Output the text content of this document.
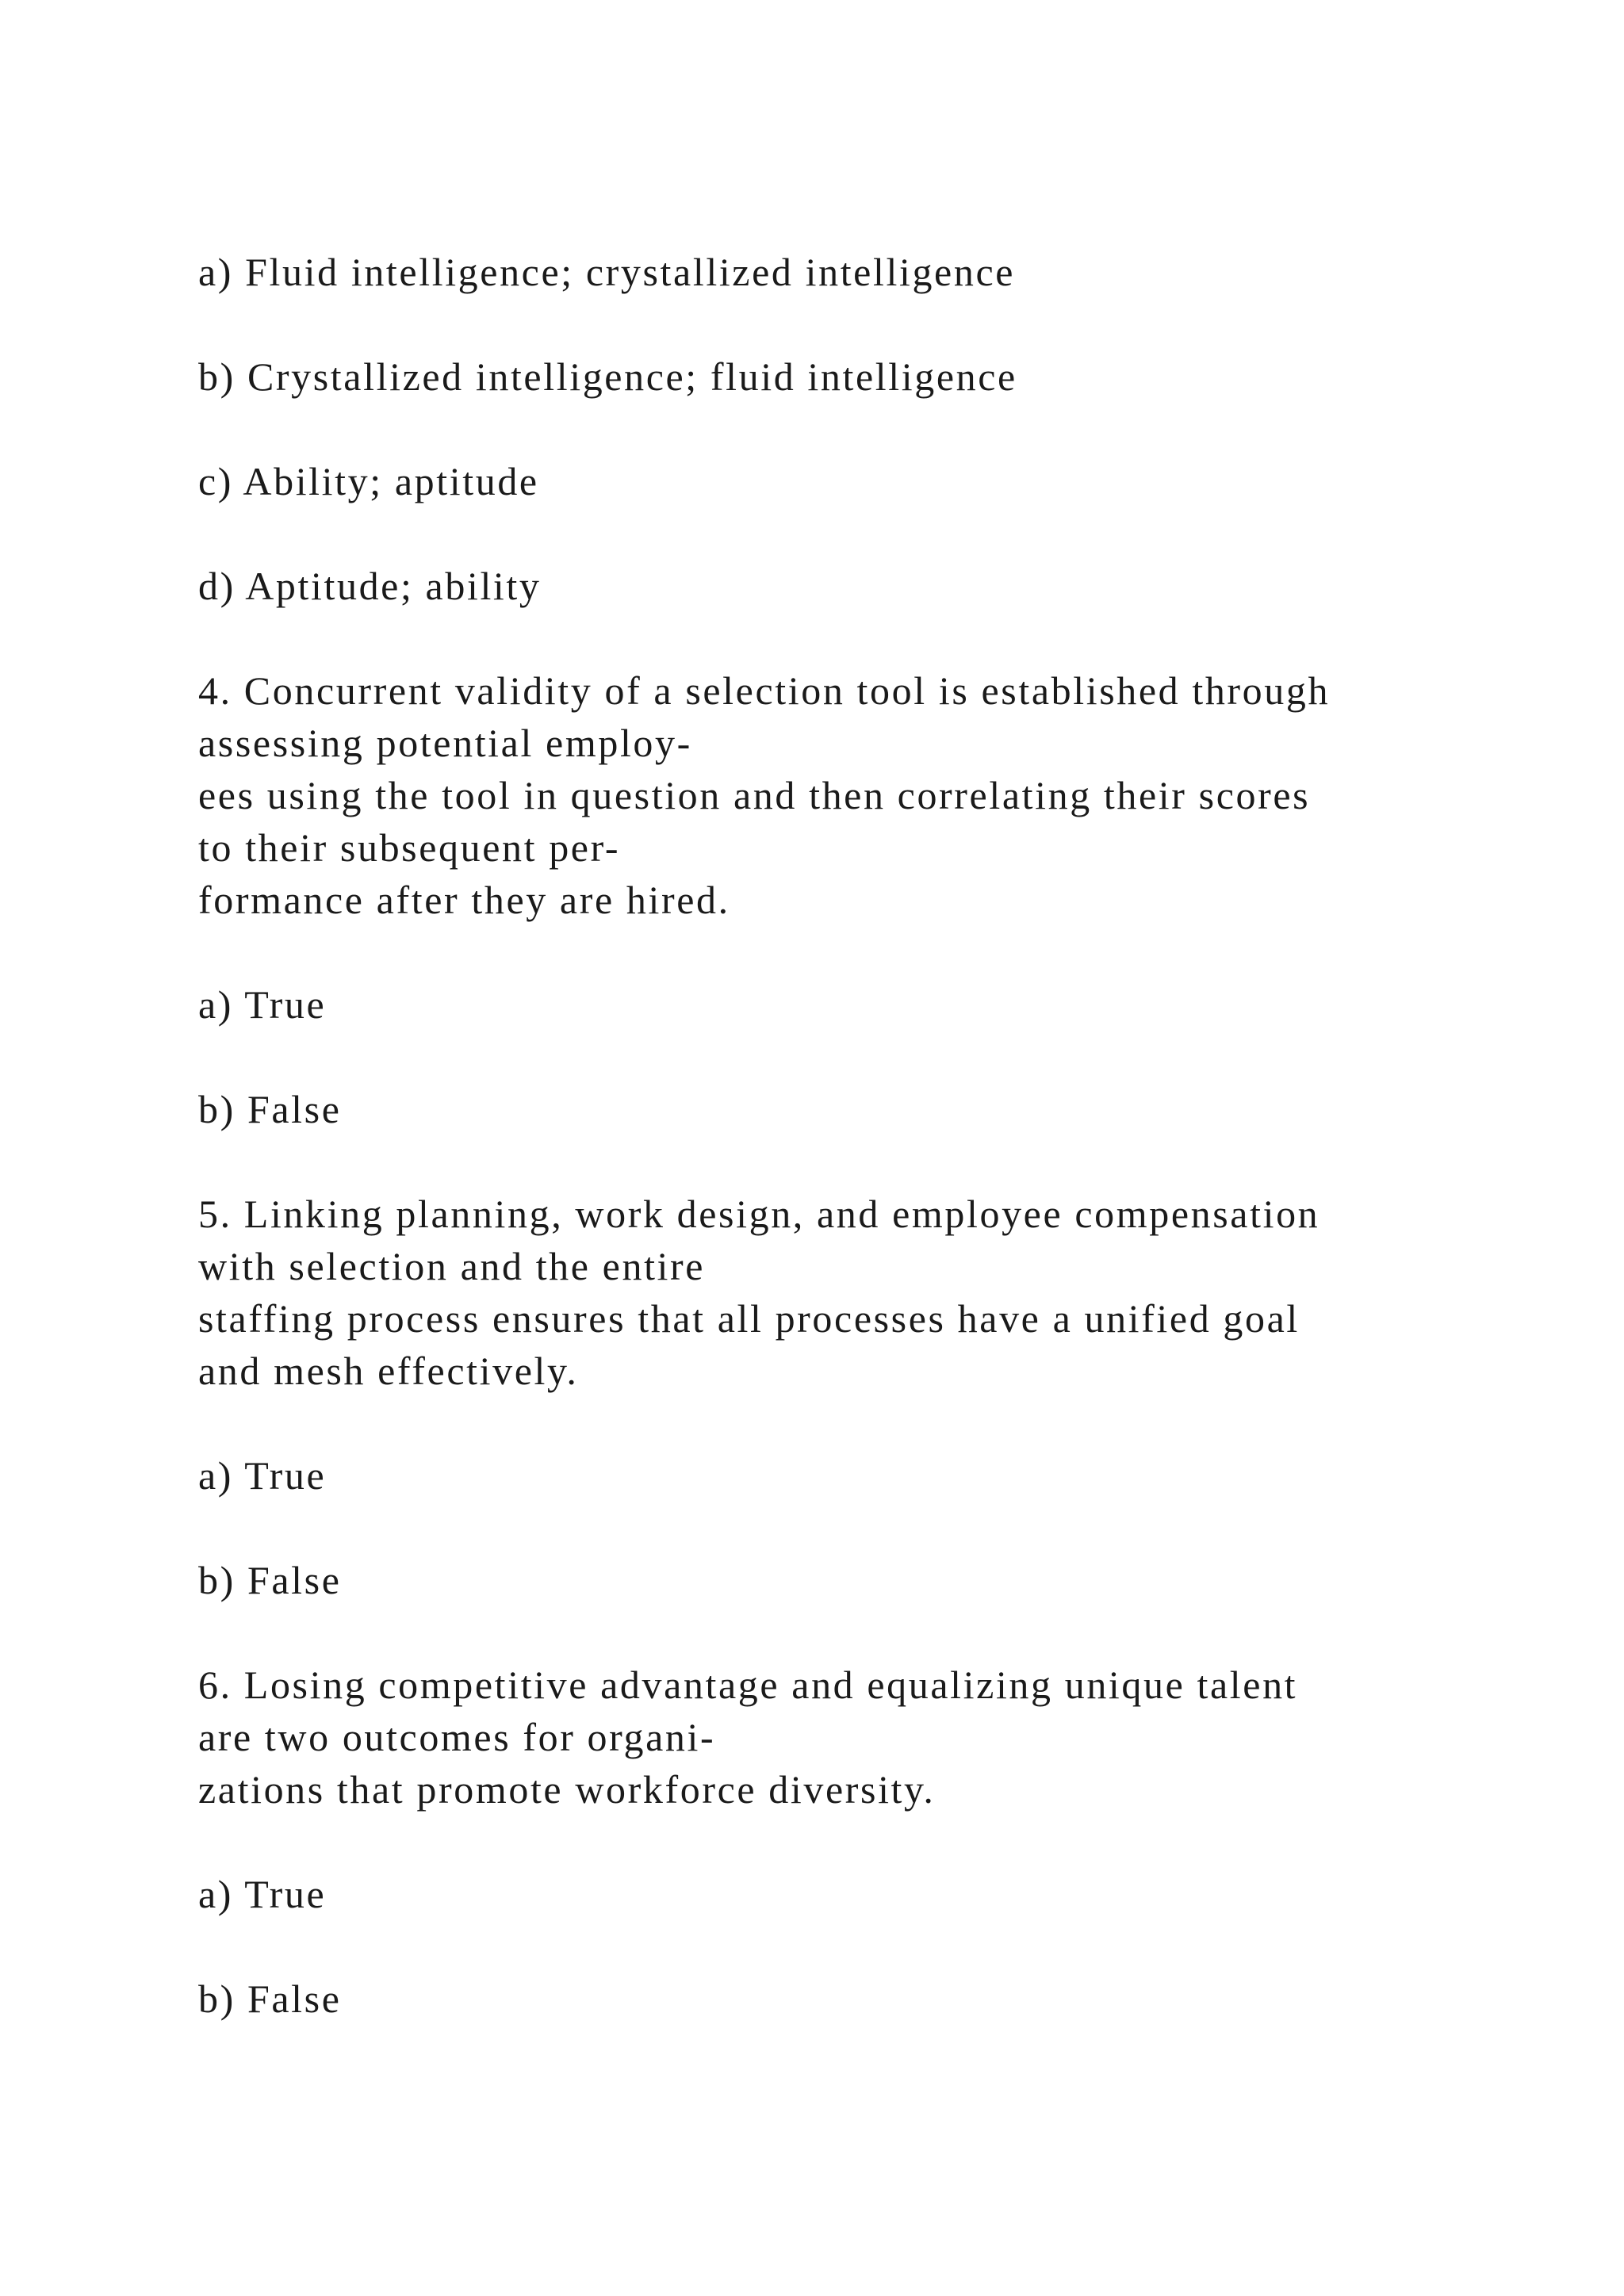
a) Fluid intelligence; crystallized intelligence

b) Crystallized intelligence; fluid intelligence

c) Ability; aptitude

d) Aptitude; ability

4. Concurrent validity of a selection tool is established through
assessing potential employ-
ees using the tool in question and then correlating their scores
to their subsequent per-
formance after they are hired.

a) True

b) False

5. Linking planning, work design, and employee compensation
with selection and the entire
staffing process ensures that all processes have a unified goal
and mesh effectively.

a) True

b) False

6. Losing competitive advantage and equalizing unique talent
are two outcomes for organi-
zations that promote workforce diversity.

a) True

b) False
